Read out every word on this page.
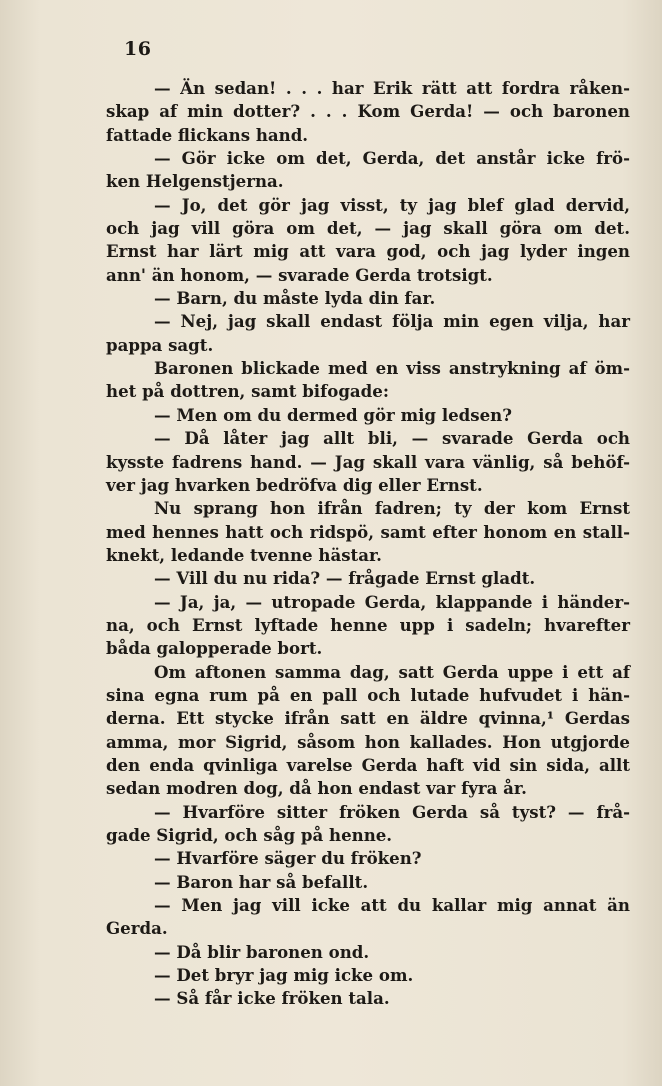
16
— Än sedan! . . . har Erik rätt att fordra råken-
skap af min dotter? . . . Kom Gerda! — och baronen
fattade flickans hand.
— Gör icke om det, Gerda, det anstår icke frö-
ken Helgenstjerna.
— Jo, det gör jag visst, ty jag blef glad dervid,
och jag vill göra om det, — jag skall göra om det.
Ernst har lärt mig att vara god, och jag lyder ingen
ann' än honom, — svarade Gerda trotsigt.
— Barn, du måste lyda din far.
— Nej, jag skall endast följa min egen vilja, har
pappa sagt.
Baronen blickade med en viss anstrykning af öm-
het på dottren, samt bifogade:
— Men om du dermed gör mig ledsen?
— Då låter jag allt bli, — svarade Gerda och
kysste fadrens hand. — Jag skall vara vänlig, så behöf-
ver jag hvarken bedröfva dig eller Ernst.
Nu sprang hon ifrån fadren; ty der kom Ernst
med hennes hatt och ridspö, samt efter honom en stall-
knekt, ledande tvenne hästar.
— Vill du nu rida? — frågade Ernst gladt.
— Ja, ja, — utropade Gerda, klappande i händer-
na, och Ernst lyftade henne upp i sadeln; hvarefter
båda galopperade bort.
Om aftonen samma dag, satt Gerda uppe i ett af
sina egna rum på en pall och lutade hufvudet i hän-
derna. Ett stycke ifrån satt en äldre qvinna,¹ Gerdas
amma, mor Sigrid, såsom hon kallades. Hon utgjorde
den enda qvinliga varelse Gerda haft vid sin sida, allt
sedan modren dog, då hon endast var fyra år.
— Hvarföre sitter fröken Gerda så tyst? — frå-
gade Sigrid, och såg på henne.
— Hvarföre säger du fröken?
— Baron har så befallt.
— Men jag vill icke att du kallar mig annat än
Gerda.
— Då blir baronen ond.
— Det bryr jag mig icke om.
— Så får icke fröken tala.
